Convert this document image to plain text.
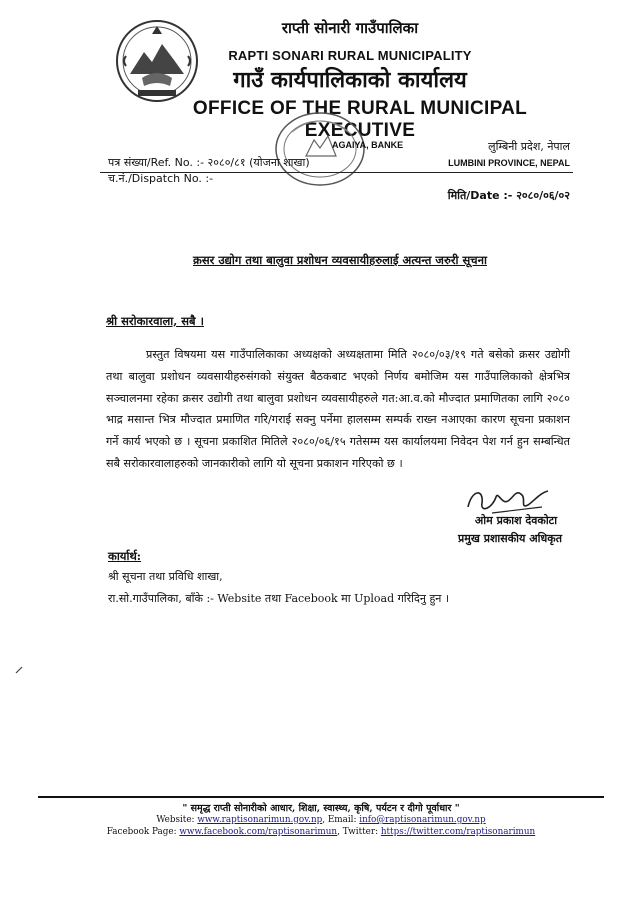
राप्ती सोनारी गाउँपालिका
RAPTI SONARI RURAL MUNICIPALITY
गाउँ कार्यपालिकाको कार्यालय
OFFICE OF THE RURAL MUNICIPAL EXECUTIVE
AGAIYA, BANKE	लुम्बिनी प्रदेश, नेपाल
LUMBINI PROVINCE, NEPAL
पत्र संख्या/Ref. No. :- २०८०/८१ (योजना शाखा)
च.नं./Dispatch No. :-
मिति/Date :- २०८०/०६/०२
क्रसर उद्योग तथा बालुवा प्रशोधन व्यवसायीहरुलाई अत्यन्त जरुरी सूचना
श्री सरोकारवाला, सबै ।
प्रस्तुत विषयमा यस गाउँपालिकाका अध्यक्षको अध्यक्षतामा मिति २०८०/०३/१९ गते बसेको क्रसर उद्योगी तथा बालुवा प्रशोधन व्यवसायीहरुसंगको संयुक्त बैठकबाट भएको निर्णय बमोजिम यस गाउँपालिकाको क्षेत्रभित्र सञ्चालनमा रहेका क्रसर उद्योगी तथा बालुवा प्रशोधन व्यवसायीहरुले गत:आ.व.को मौज्दात प्रमाणितका लागि २०८० भाद्र मसान्त भित्र मौज्दात प्रमाणित गरि/गराई सक्नु पर्नेमा हालसम्म सम्पर्क राख्न नआएका कारण सूचना प्रकाशन गर्ने कार्य भएको छ । सूचना प्रकाशित मितिले २०८०/०६/१५ गतेसम्म यस कार्यालयमा निवेदन पेश गर्न हुन सम्बन्धित सबै सरोकारवालाहरुको जानकारीको लागि यो सूचना प्रकाशन गरिएको छ ।
ओम प्रकाश देवकोटा
प्रमुख प्रशासकीय अधिकृत
कार्यार्थ:
श्री सूचना तथा प्रविधि शाखा,
रा.सो.गाउँपालिका, बाँके :- Website तथा Facebook मा Upload गरिदिनु हुन ।
" समृद्ध राप्ती सोनारीको आधार, शिक्षा, स्वास्थ्य, कृषि, पर्यटन र दीगो पूर्वाधार "
Website: www.raptisonarimun.gov.np, Email: info@raptisonarimun.gov.np
Facebook Page: www.facebook.com/raptisonarimun, Twitter: https://twitter.com/raptisonarimun
